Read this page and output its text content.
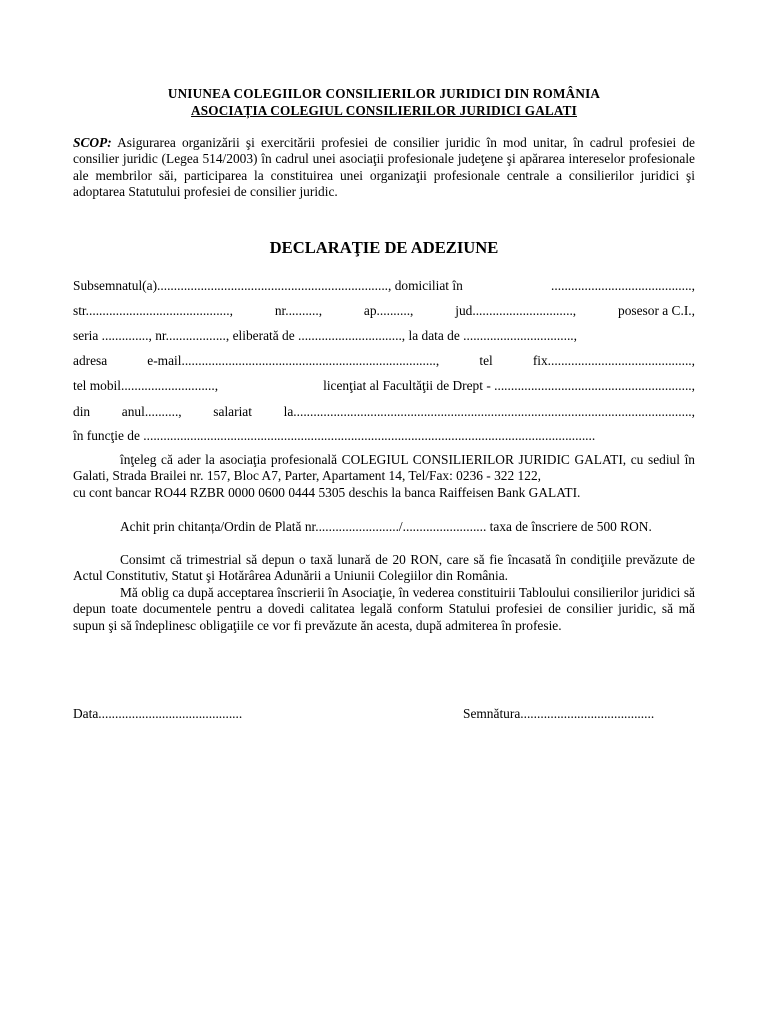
UNIUNEA COLEGIILOR CONSILIERILOR JURIDICI DIN ROMÂNIA
ASOCIAȚIA COLEGIUL CONSILIERILOR JURIDICI GALATI
SCOP: Asigurarea organizării şi exercitării profesiei de consilier juridic în mod unitar, în cadrul profesiei de consilier juridic (Legea 514/2003) în cadrul unei asociaţii profesionale judeţene şi apărarea intereselor profesionale ale membrilor săi, participarea la constituirea unei organizaţii profesionale centrale a consilierilor juridici şi adoptarea Statutului profesiei de consilier juridic.
DECLARAŢIE DE ADEZIUNE
Subsemnatul(a)....................................................................., domiciliat în	..........................................,
str...........................................,	nr..........,	ap..........,	jud..............................,	posesor a C.I.,
seria .............., nr.................., eliberată de ..............................., la data de .................................,
adresa	e-mail............................................................................,	tel	fix...........................................,
tel mobil............................,	licenţiat al Facultăţii de Drept - ...........................................................,
din anul.........., salariat la.......................................................................................................................,
în funcţie de .......................................................................................................................................
înţeleg că ader la asociaţia profesională COLEGIUL CONSILIERILOR JURIDIC GALATI, cu sediul în Galati, Strada Brailei nr. 157, Bloc A7, Parter, Apartament 14, Tel/Fax: 0236 - 322 122,
cu cont bancar RO44 RZBR 0000 0600 0444 5305 deschis la banca Raiffeisen Bank GALATI.
Achit prin chitanța/Ordin de Plată nr........................./......................... taxa de înscriere de 500 RON.
Consimt că trimestrial să depun o taxă lunară de 20 RON, care să fie încasată în condiţiile prevăzute de Actul Constitutiv, Statut şi Hotărârea Adunării a Uniunii Colegiilor din România.
Mă oblig ca după acceptarea înscrierii în Asociaţie, în vederea constituirii Tabloului consilierilor juridici să depun toate documentele pentru a dovedi calitatea legală conform Statului profesiei de consilier juridic, să mă supun şi să îndeplinesc obligaţiile ce vor fi prevăzute ăn acesta, după admiterea în profesie.
Data...........................................	Semnătura........................................
